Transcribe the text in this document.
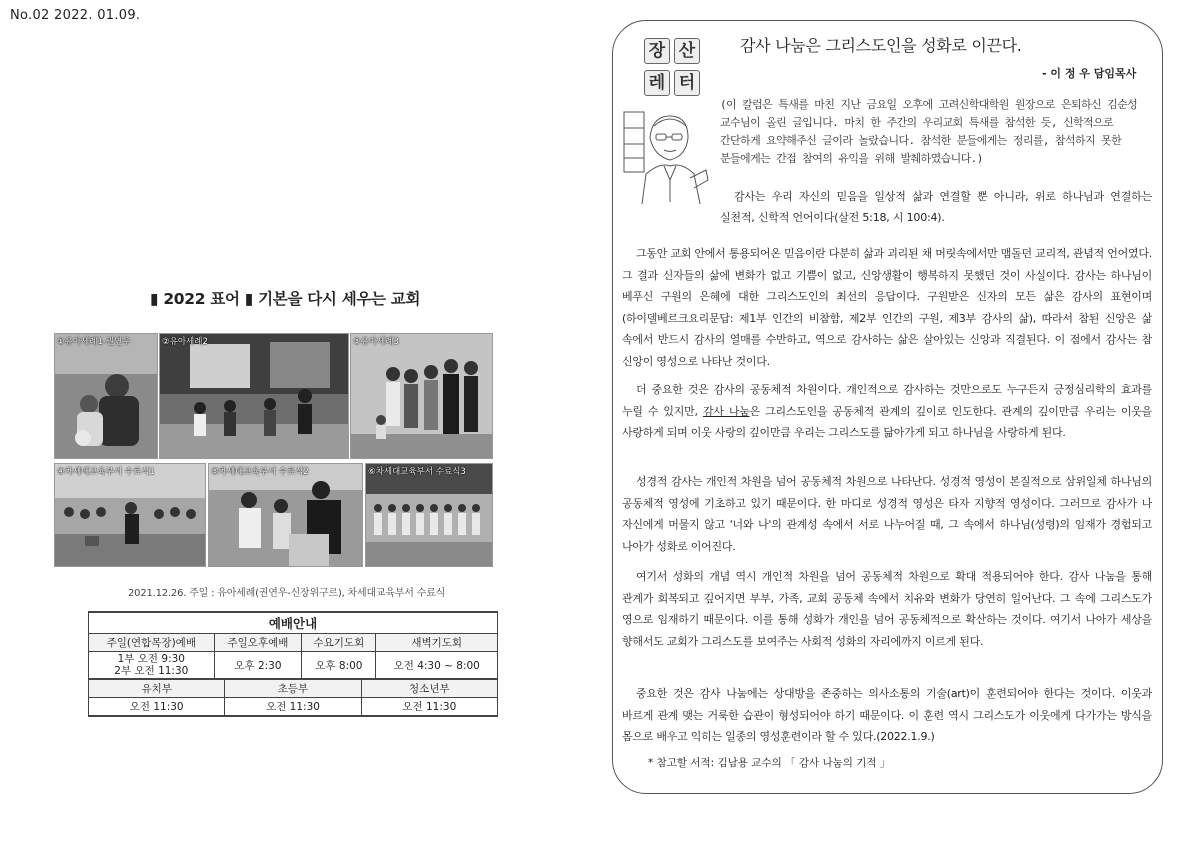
No.02 2022. 01.09.
▮ 2022 표어 ▮ 기본을 다시 세우는 교회
①유아세례1-권연우	②유아세례2	③유아세례3
④차세대교육부서 수료식1	⑤차세대교육부서 수료식2	⑥차세대교육부서 수료식3
2021.12.26. 주일 : 유아세례(권연우-신장위구르), 차세대교육부서 수료식
예배안내			
주일(연합목장)예배	주일오후예배	수요기도회	새벽기도회

1부 오전 9:30
2부 오전 11:30	오후 2:30	오후 8:00	오전 4:30 ~ 8:00
유치부	초등부	청소년부
오전 11:30	오전 11:30	오전 11:30
장 산
레 터
감사 나눔은 그리스도인을 성화로 이끈다.
- 이 정 우 담임목사
(이 칼럼은 특새를 마친 지난 금요일 오후에 고려신학대학원 원장으로 은퇴하신 김순성 교수님이 올린 글입니다. 마치 한 주간의 우리교회 특새를 참석한 듯, 신학적으로 간단하게 요약해주신 글이라 놀랐습니다. 참석한 분들에게는 정리를, 참석하지 못한 분들에게는 간접 참여의 유익을 위해 발췌하였습니다.)
감사는 우리 자신의 믿음을 일상적 삶과 연결할 뿐 아니라, 위로 하나님과 연결하는 실천적, 신학적 언어이다(살전 5:18, 시 100:4).
그동안 교회 안에서 통용되어온 믿음이란 다분히 삶과 괴리된 채 머릿속에서만 맴돌던 교리적, 관념적 언어였다. 그 결과 신자들의 삶에 변화가 없고 기쁨이 없고, 신앙생활이 행복하지 못했던 것이 사실이다. 감사는 하나님이 베푸신 구원의 은혜에 대한 그리스도인의 최선의 응답이다. 구원받은 신자의 모든 삶은 감사의 표현이며(하이델베르크요리문답: 제1부 인간의 비참함, 제2부 인간의 구원, 제3부 감사의 삶), 따라서 참된 신앙은 삶 속에서 반드시 감사의 열매를 수반하고, 역으로 감사하는 삶은 살아있는 신앙과 직결된다. 이 점에서 감사는 참 신앙이 영성으로 나타난 것이다.
더 중요한 것은 감사의 공동체적 차원이다. 개인적으로 감사하는 것만으로도 누구든지 긍정심리학의 효과를 누릴 수 있지만, 감사 나눔은 그리스도인을 공동체적 관계의 깊이로 인도한다. 관계의 깊이만큼 우리는 이웃을 사랑하게 되며 이웃 사랑의 깊이만큼 우리는 그리스도를 닮아가게 되고 하나님을 사랑하게 된다.
성경적 감사는 개인적 차원을 넘어 공동체적 차원으로 나타난다. 성경적 영성이 본질적으로 삼위일체 하나님의 공동체적 영성에 기초하고 있기 때문이다. 한 마디로 성경적 영성은 타자 지향적 영성이다. 그러므로 감사가 나 자신에게 머물지 않고 '너와 나'의 관계성 속에서 서로 나누어질 때, 그 속에서 하나님(성령)의 임재가 경험되고 나아가 성화로 이어진다.
여기서 성화의 개념 역시 개인적 차원을 넘어 공동체적 차원으로 확대 적용되어야 한다. 감사 나눔을 통해 관계가 회복되고 깊어지면 부부, 가족, 교회 공동체 속에서 치유와 변화가 당연히 일어난다. 그 속에 그리스도가 영으로 임재하기 때문이다. 이를 통해 성화가 개인을 넘어 공동체적으로 확산하는 것이다. 여기서 나아가 세상을 향해서도 교회가 그리스도를 보여주는 사회적 성화의 자리에까지 이르게 된다.
중요한 것은 감사 나눔에는 상대방을 존중하는 의사소통의 기술(art)이 훈련되어야 한다는 것이다. 이웃과 바르게 관계 맺는 거룩한 습관이 형성되어야 하기 때문이다. 이 훈련 역시 그리스도가 이웃에게 다가가는 방식을 몸으로 배우고 익히는 일종의 영성훈련이라 할 수 있다.(2022.1.9.)
* 참고할 서적: 김남용 교수의 「 감사 나눔의 기적 」
